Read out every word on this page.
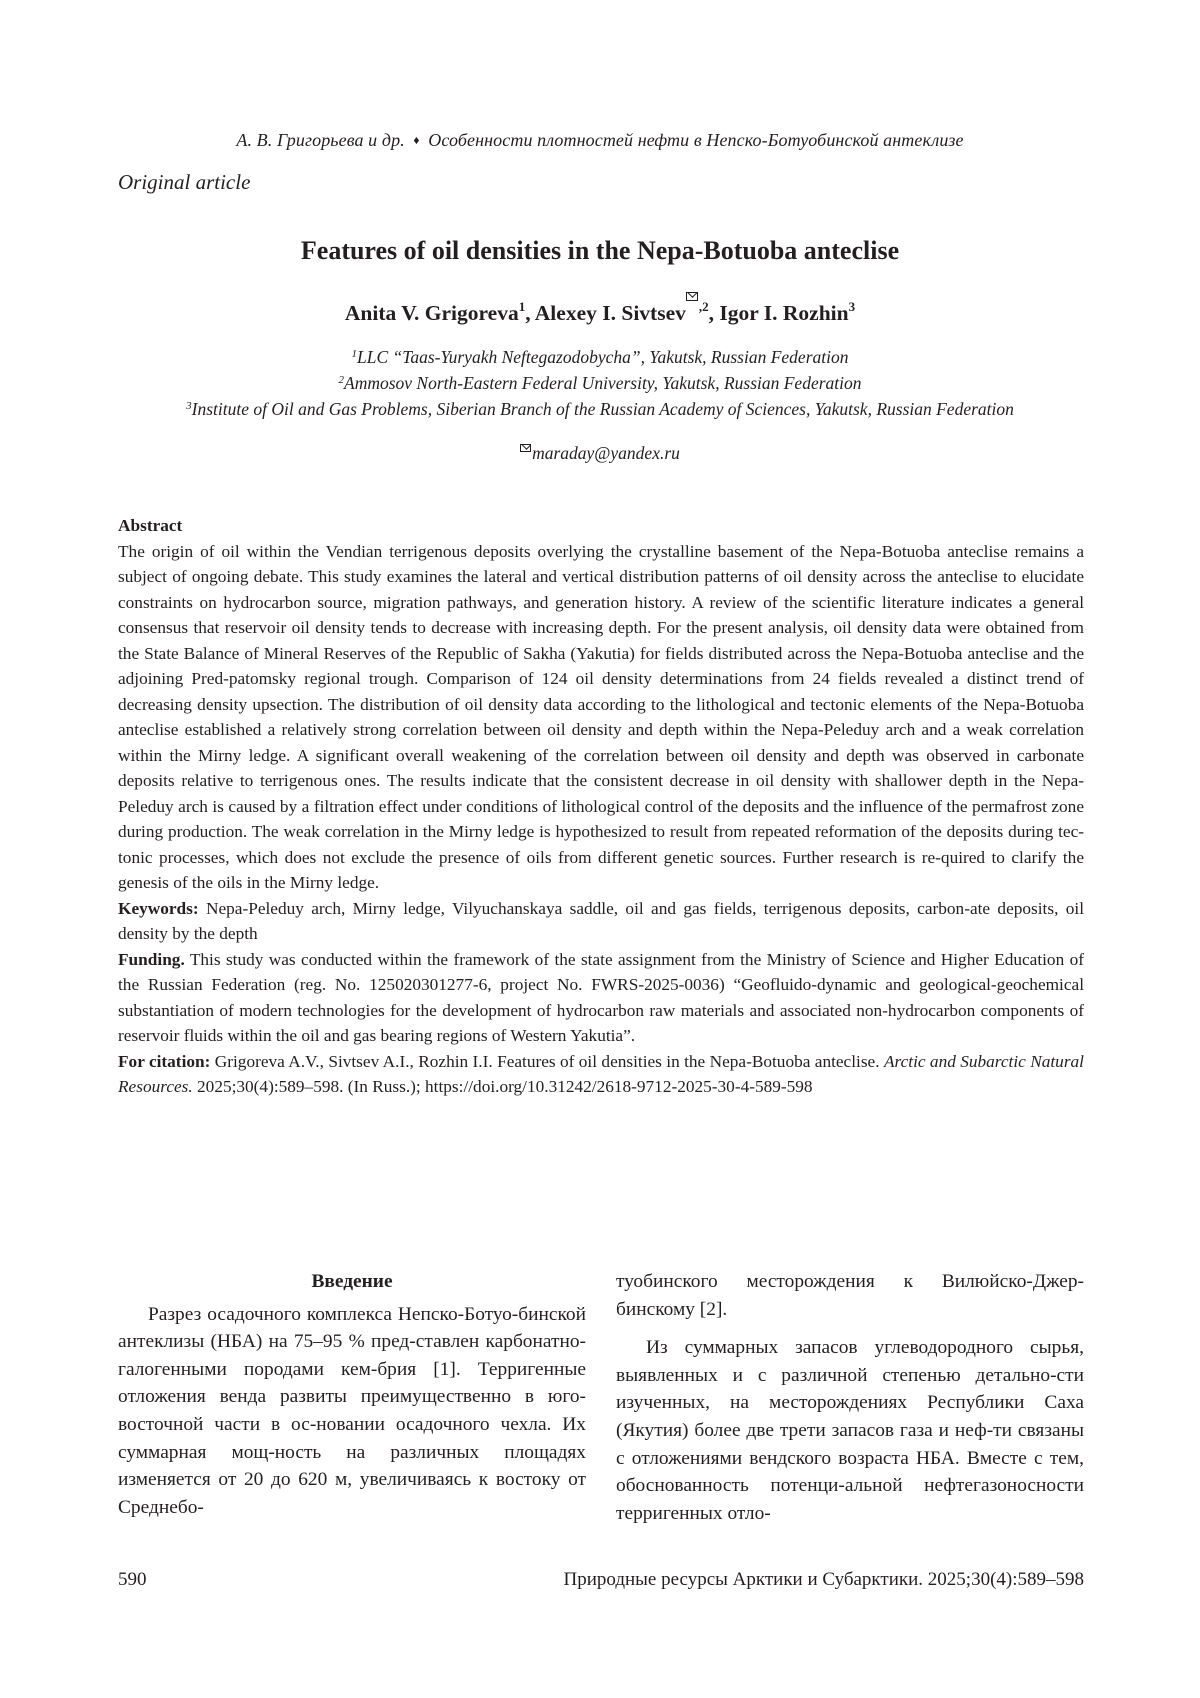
А. В. Григорьева и др. ♦ Особенности плотностей нефти в Непско-Ботуобинской антеклизе
Original article
Features of oil densities in the Nepa-Botuoba anteclise
Anita V. Grigoreva$^1$, Alexey I. Sivtsev $^{,2}$, Igor I. Rozhin$^3$
$^1$LLC “Taas-Yuryakh Neftegazodobycha”, Yakutsk, Russian Federation
$^2$Ammosov North-Eastern Federal University, Yakutsk, Russian Federation
$^3$Institute of Oil and Gas Problems, Siberian Branch of the Russian Academy of Sciences, Yakutsk, Russian Federation
maraday@yandex.ru

Abstract

The origin of oil within the Vendian terrigenous deposits overlying the crystalline basement of the Nepa-Botuoba anteclise remains a subject of ongoing debate. This study examines the lateral and vertical distribution patterns of oil density across the anteclise to elucidate constraints on hydrocarbon source, migration pathways, and generation history. A review of the scientific literature indicates a general consensus that reservoir oil density tends to decrease with increasing depth. For the present analysis, oil density data were obtained from the State Balance of Mineral Reserves of the Republic of Sakha (Yakutia) for fields distributed across the Nepa-Botuoba anteclise and the adjoining Pred-patomsky regional trough. Comparison of 124 oil density determinations from 24 fields revealed a distinct trend of decreasing density upsection. The distribution of oil density data according to the lithological and tectonic elements of the Nepa-Botuoba anteclise established a relatively strong correlation between oil density and depth within the Nepa-Peleduy arch and a weak correlation within the Mirny ledge. A significant overall weakening of the correlation between oil density and depth was observed in carbonate deposits relative to terrigenous ones. The results indicate that the consistent decrease in oil density with shallower depth in the Nepa-Peleduy arch is caused by a filtration effect under conditions of lithological control of the deposits and the influence of the permafrost zone during production. The weak correlation in the Mirny ledge is hypothesized to result from repeated reformation of the deposits during tec-tonic processes, which does not exclude the presence of oils from different genetic sources. Further research is re-quired to clarify the genesis of the oils in the Mirny ledge.

Keywords: Nepa-Peleduy arch, Mirny ledge, Vilyuchanskaya saddle, oil and gas fields, terrigenous deposits, carbon-ate deposits, oil density by the depth

Funding. This study was conducted within the framework of the state assignment from the Ministry of Science and Higher Education of the Russian Federation (reg. No. 125020301277-6, project No. FWRS-2025-0036) “Geofluido-dynamic and geological-geochemical substantiation of modern technologies for the development of hydrocarbon raw materials and associated non-hydrocarbon components of reservoir fluids within the oil and gas bearing regions of Western Yakutia”.

For citation: Grigoreva A.V., Sivtsev A.I., Rozhin I.I. Features of oil densities in the Nepa-Botuoba anteclise. Arctic and Subarctic Natural Resources. 2025;30(4):589–598. (In Russ.); https://doi.org/10.31242/2618-9712-2025-30-4-589-598

Введение

Разрез осадочного комплекса Непско-Ботуо-бинской антеклизы (НБА) на 75–95 % пред-ставлен карбонатно-галогенными породами кем-брия [1]. Терригенные отложения венда развиты преимущественно в юго-восточной части в ос-новании осадочного чехла. Их суммарная мощ-ность на различных площадях изменяется от 20 до 620 м, увеличиваясь к востоку от Среднебо-

туобинского месторождения к Вилюйско-Джер-бинскому [2].

Из суммарных запасов углеводородного сырья, выявленных и с различной степенью детально-сти изученных, на месторождениях Республики Саха (Якутия) более две трети запасов газа и неф-ти связаны с отложениями вендского возраста НБА. Вместе с тем, обоснованность потенци-альной нефтегазоносности терригенных отло-

590	Природные ресурсы Арктики и Субарктики. 2025;30(4):589–598
